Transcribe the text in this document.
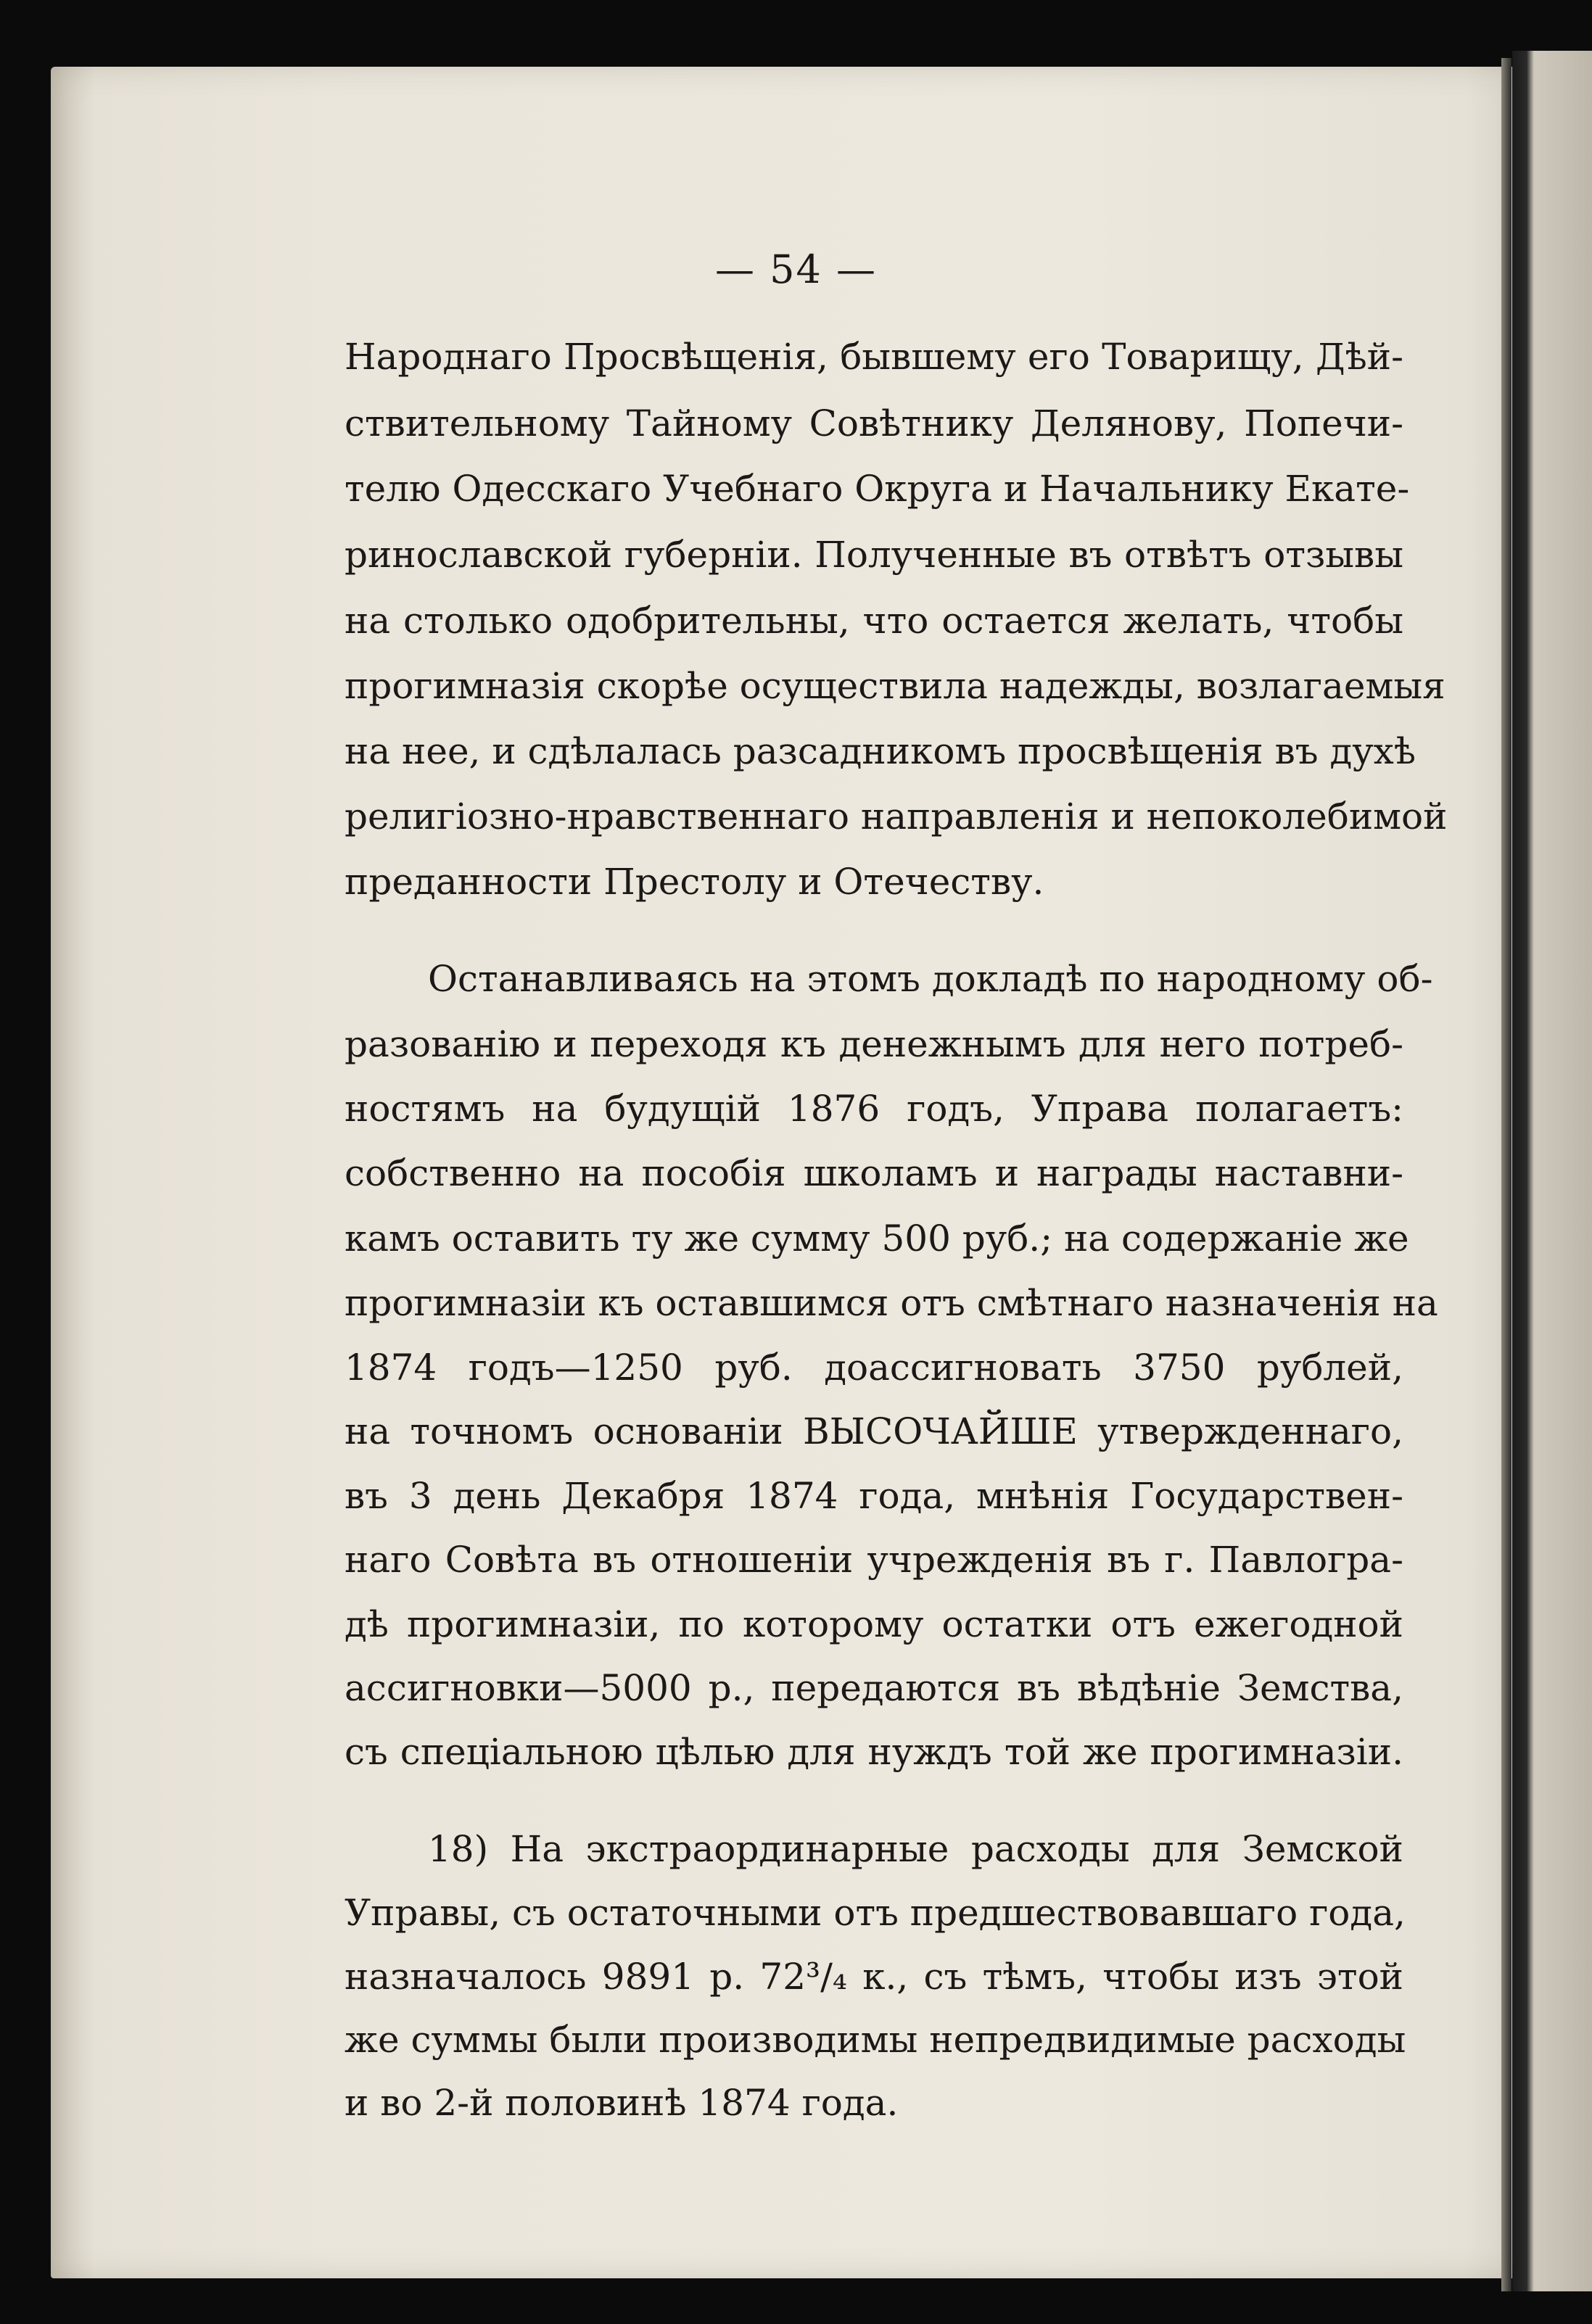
— 54 —
Народнаго Просвѣщенія, бывшему его Товарищу, Дѣй-
ствительному Тайному Совѣтнику Делянову, Попечи-
телю Одесскаго Учебнаго Округа и Начальнику Екате-
ринославской губерніи. Полученные въ отвѣтъ отзывы
на столько одобрительны, что остается желать, чтобы
прогимназія скорѣе осуществила надежды, возлагаемыя
на нее, и сдѣлалась разсадникомъ просвѣщенія въ духѣ
религіозно-нравственнаго направленія и непоколебимой
преданности Престолу и Отечеству.
Останавливаясь на этомъ докладѣ по народному об-
разованію и переходя къ денежнымъ для него потреб-
ностямъ на будущій 1876 годъ, Управа полагаетъ:
собственно на пособія школамъ и награды наставни-
камъ оставить ту же сумму 500 руб.; на содержаніе же
прогимназіи къ оставшимся отъ смѣтнаго назначенія на
1874 годъ—1250 руб. доассигновать 3750 рублей,
на точномъ основаніи ВЫСОЧАЙШЕ утвержденнаго,
въ 3 день Декабря 1874 года, мнѣнія Государствен-
наго Совѣта въ отношеніи учрежденія въ г. Павлогра-
дѣ прогимназіи, по которому остатки отъ ежегодной
ассигновки—5000 р., передаются въ вѣдѣніе Земства,
съ спеціальною цѣлью для нуждъ той же прогимназіи.
18) На экстраординарные расходы для Земской
Управы, съ остаточными отъ предшествовавшаго года,
назначалось 9891 р. 72³/₄ к., съ тѣмъ, чтобы изъ этой
же суммы были производимы непредвидимые расходы
и во 2-й половинѣ 1874 года.
